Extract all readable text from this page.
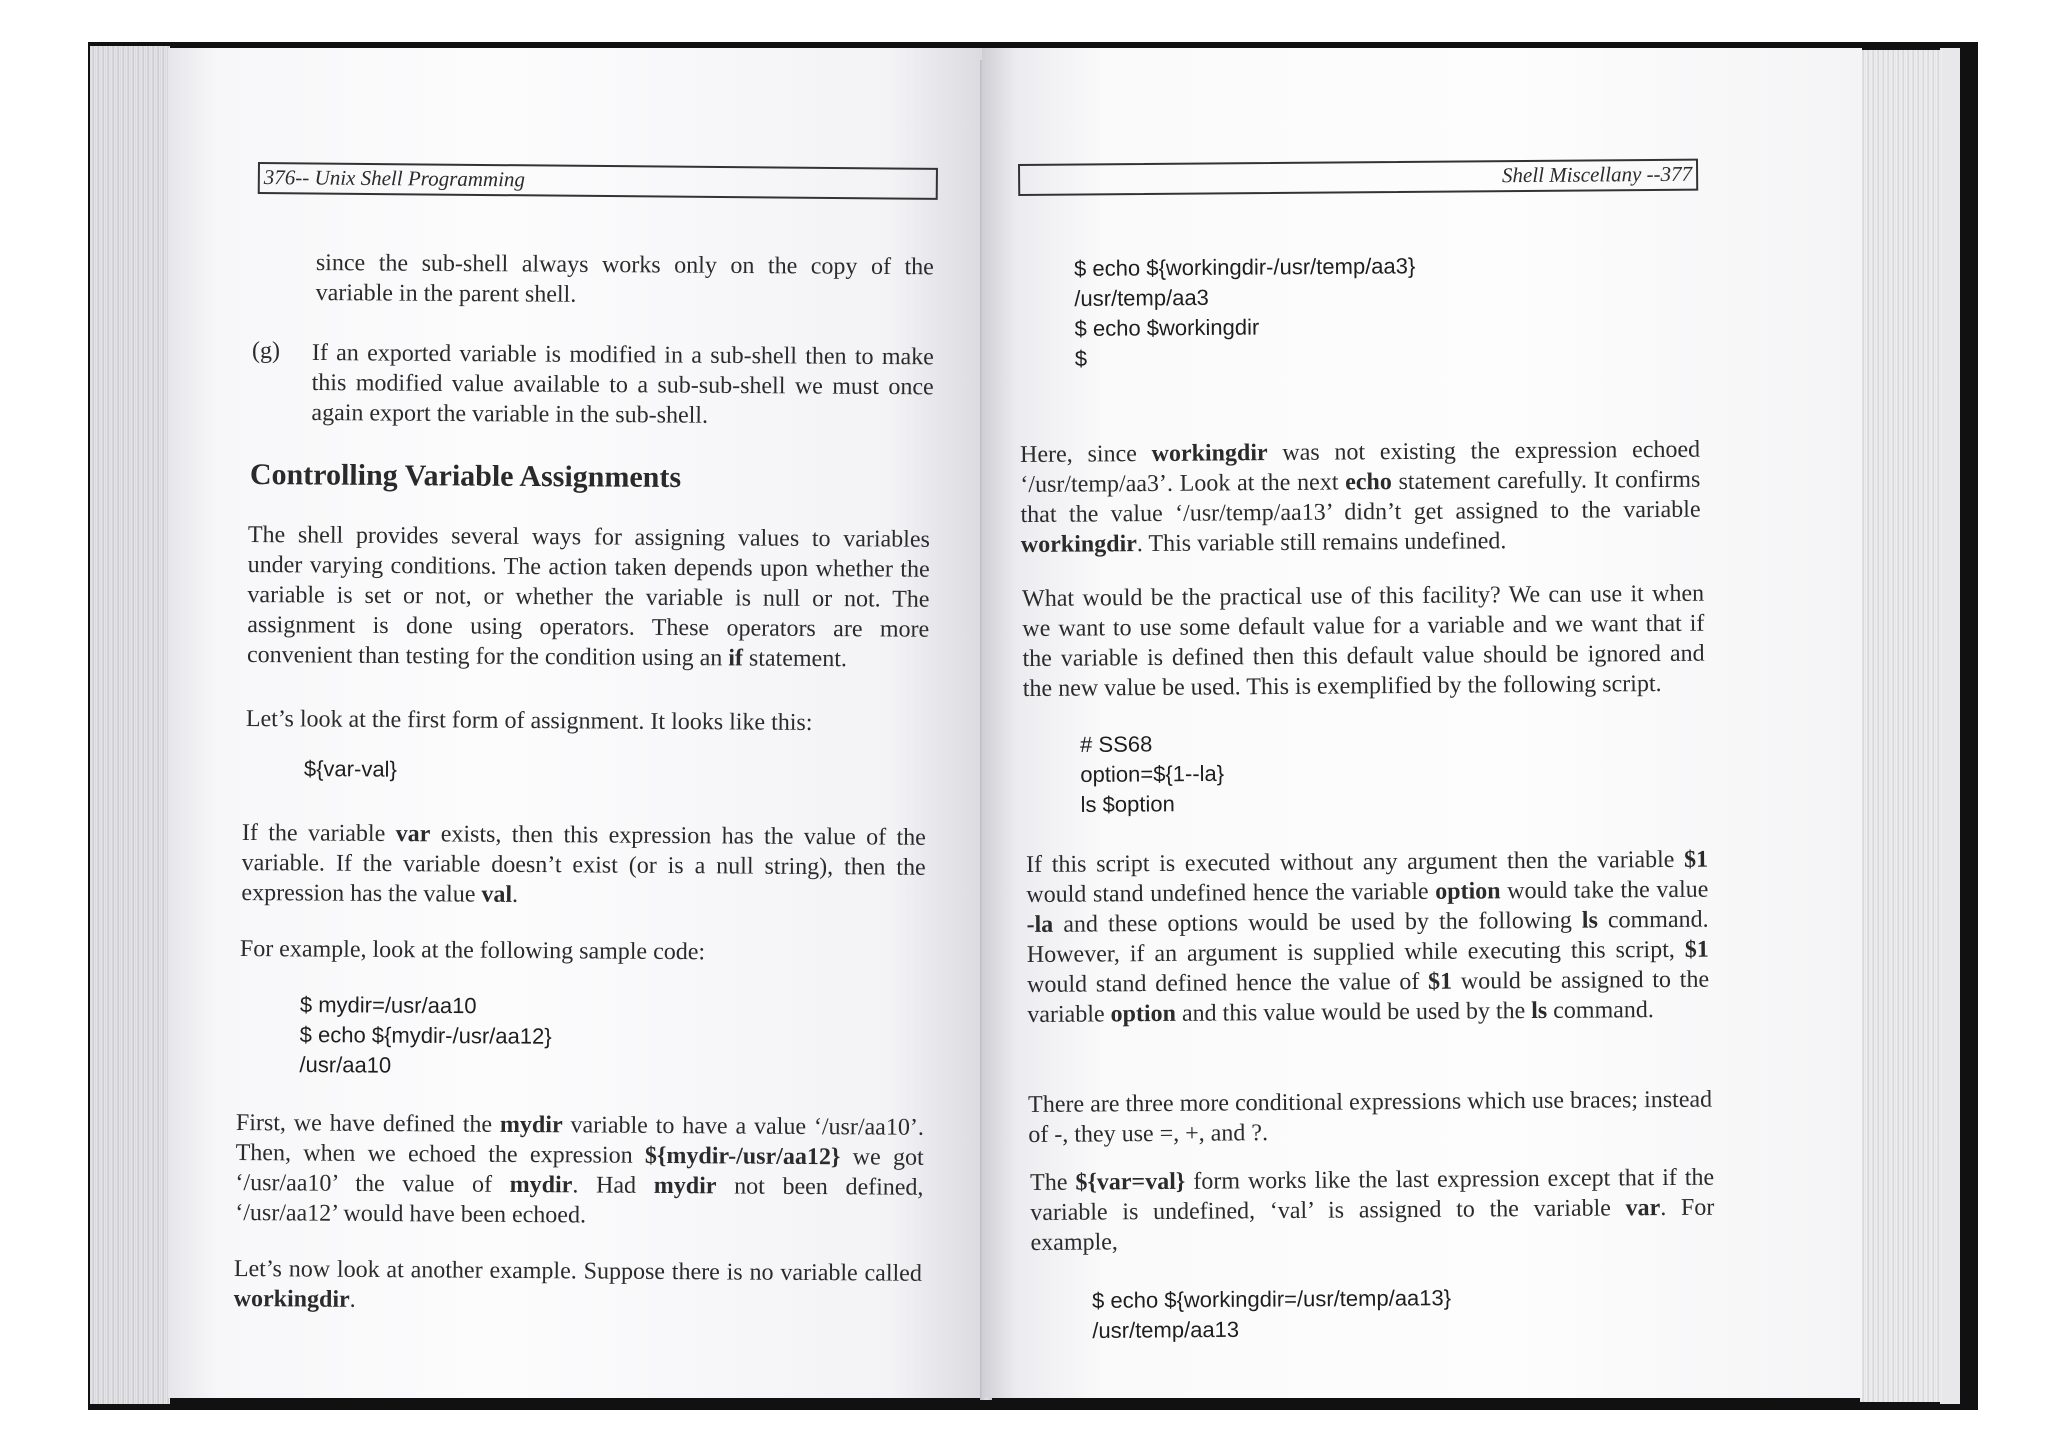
376-- Unix Shell Programming

since the sub-shell always works only on the copy of the variable in the parent shell.

(g) If an exported variable is modified in a sub-shell then to make this modified value available to a sub-sub-shell we must once again export the variable in the sub-shell.

Controlling Variable Assignments

The shell provides several ways for assigning values to variables under varying conditions. The action taken depends upon whether the variable is set or not, or whether the variable is null or not. The assignment is done using operators. These operators are more convenient than testing for the condition using an if statement.

Let’s look at the first form of assignment. It looks like this:

${var-val}

If the variable var exists, then this expression has the value of the variable. If the variable doesn’t exist (or is a null string), then the expression has the value val.

For example, look at the following sample code:

$ mydir=/usr/aa10
$ echo ${mydir-/usr/aa12}
/usr/aa10

First, we have defined the mydir variable to have a value ‘/usr/aa10’. Then, when we echoed the expression ${mydir-/usr/aa12} we got ‘/usr/aa10’ the value of mydir. Had mydir not been defined, ‘/usr/aa12’ would have been echoed.

Let’s now look at another example. Suppose there is no variable called workingdir.

Shell Miscellany --377
$ echo ${workingdir-/usr/temp/aa3}
/usr/temp/aa3
$ echo $workingdir
$

Here, since workingdir was not existing the expression echoed ‘/usr/temp/aa3’. Look at the next echo statement carefully. It confirms that the value ‘/usr/temp/aa13’ didn’t get assigned to the variable workingdir. This variable still remains undefined.

What would be the practical use of this facility? We can use it when we want to use some default value for a variable and we want that if the variable is defined then this default value should be ignored and the new value be used. This is exemplified by the following script.

# SS68
option=${1--la}
ls $option

If this script is executed without any argument then the variable $1 would stand undefined hence the variable option would take the value -la and these options would be used by the following ls command. However, if an argument is supplied while executing this script, $1 would stand defined hence the value of $1 would be assigned to the variable option and this value would be used by the ls command.

There are three more conditional expressions which use braces; instead of -, they use =, +, and ?.

The ${var=val} form works like the last expression except that if the variable is undefined, ‘val’ is assigned to the variable var. For example,

$ echo ${workingdir=/usr/temp/aa13}
/usr/temp/aa13
